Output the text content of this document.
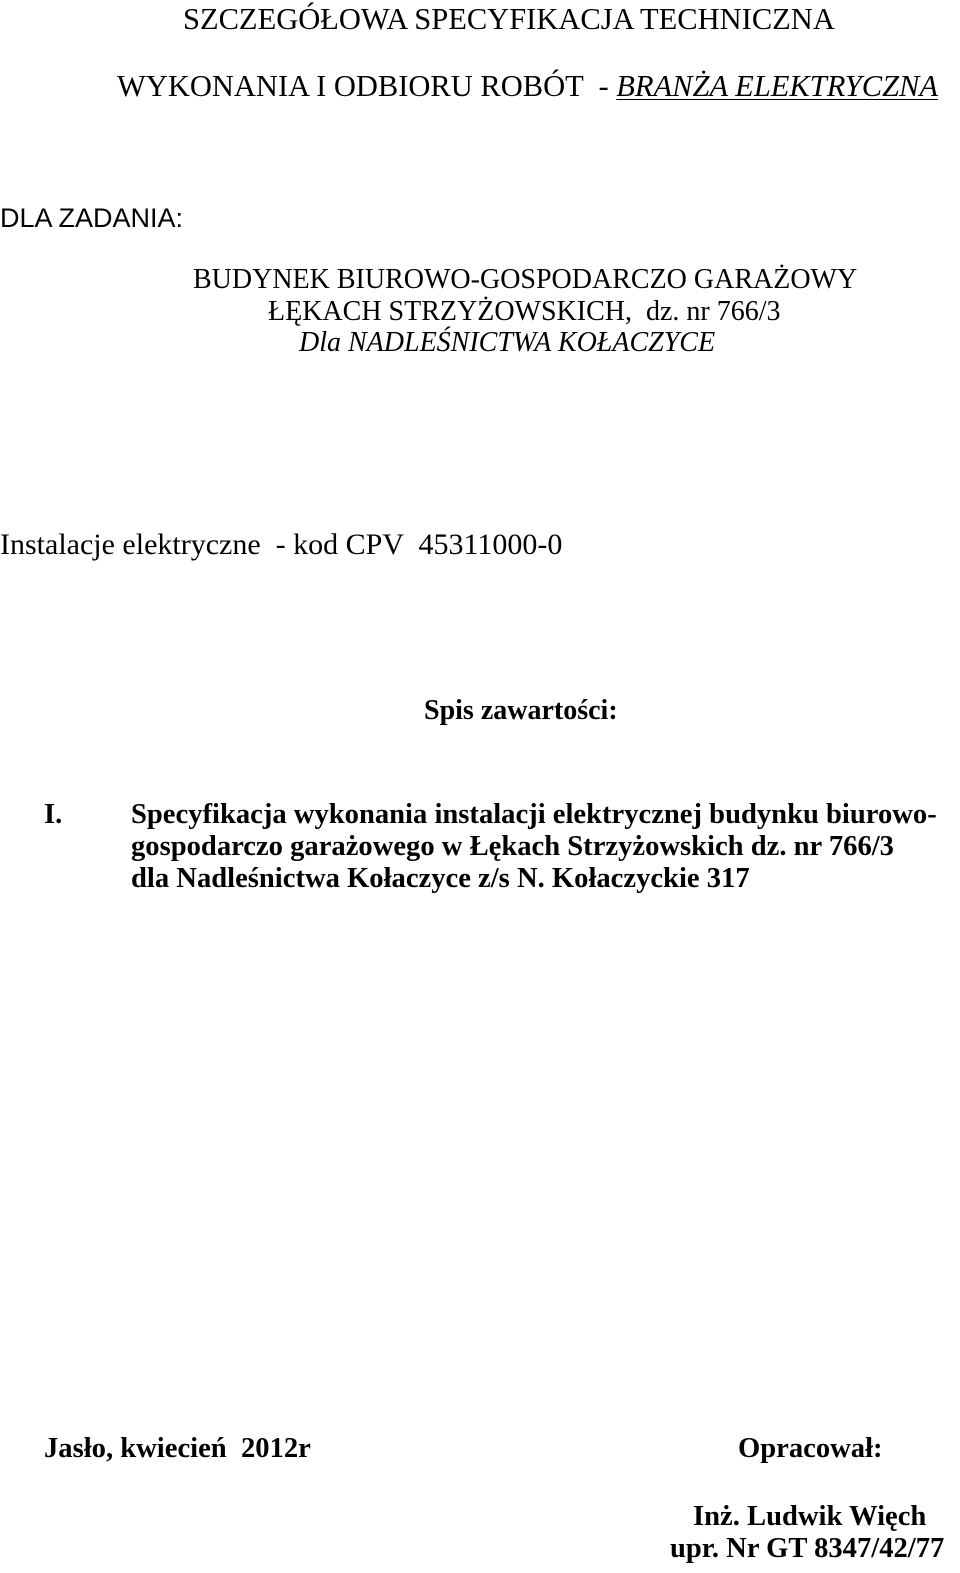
SZCZEGÓŁOWA SPECYFIKACJA TECHNICZNA
WYKONANIA I ODBIORU ROBÓT  - BRANŻA ELEKTRYCZNA
DLA ZADANIA:
BUDYNEK BIUROWO-GOSPODARCZO GARAŻOWY
ŁĘKACH STRZYŻOWSKICH,  dz. nr 766/3
Dla NADLEŚNICTWA KOŁACZYCE
Instalacje elektryczne  - kod CPV  45311000-0
Spis zawartości:
I. Specyfikacja wykonania instalacji elektrycznej budynku biurowo-
gospodarczo garażowego w Łękach Strzyżowskich dz. nr 766/3
dla Nadleśnictwa Kołaczyce z/s N. Kołaczyckie 317
Jasło, kwiecień  2012r	Opracował:
Inż. Ludwik Więch
upr. Nr GT 8347/42/77
